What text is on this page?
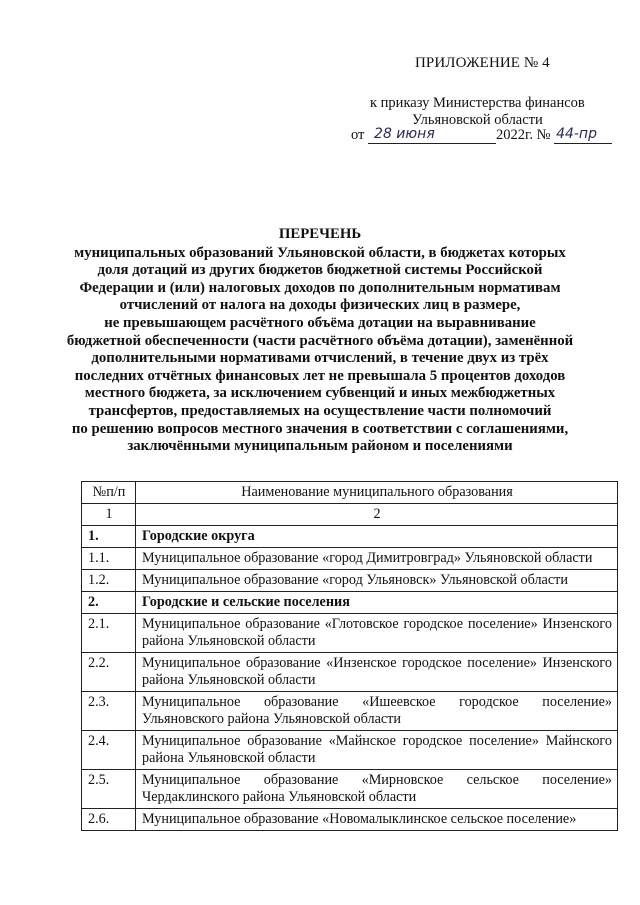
ПРИЛОЖЕНИЕ № 4
к приказу Министерства финансов
Ульяновской области
от 28 июня	2022г. № 44-пр
ПЕРЕЧЕНЬ
муниципальных образований Ульяновской области, в бюджетах которых
доля дотаций из других бюджетов бюджетной системы Российской
Федерации и (или) налоговых доходов по дополнительным нормативам
отчислений от налога на доходы физических лиц в размере,
не превышающем расчётного объёма дотации на выравнивание
бюджетной обеспеченности (части расчётного объёма дотации), заменённой
дополнительными нормативами отчислений, в течение двух из трёх
последних отчётных финансовых лет не превышала 5 процентов доходов
местного бюджета, за исключением субвенций и иных межбюджетных
трансфертов, предоставляемых на осуществление части полномочий
по решению вопросов местного значения в соответствии с соглашениями,
заключёнными муниципальным районом и поселениями
№п/п	Наименование муниципального образования
1	2
1.	Городские округа
1.1.	Муниципальное образование «город Димитровград» Ульяновской области
1.2.	Муниципальное образование «город Ульяновск» Ульяновской области
2.	Городские и сельские поселения
2.1.	Муниципальное образование «Глотовское городское поселение» Инзенского района Ульяновской области
2.2.	Муниципальное образование «Инзенское городское поселение» Инзенского района Ульяновской области
2.3.	Муниципальное образование «Ишеевское городское поселение» Ульяновского района Ульяновской области
2.4.	Муниципальное образование «Майнское городское поселение» Майнского района Ульяновской области
2.5.	Муниципальное образование «Мирновское сельское поселение» Чердаклинского района Ульяновской области
2.6.	Муниципальное образование «Новомалыклинское сельское поселение»
